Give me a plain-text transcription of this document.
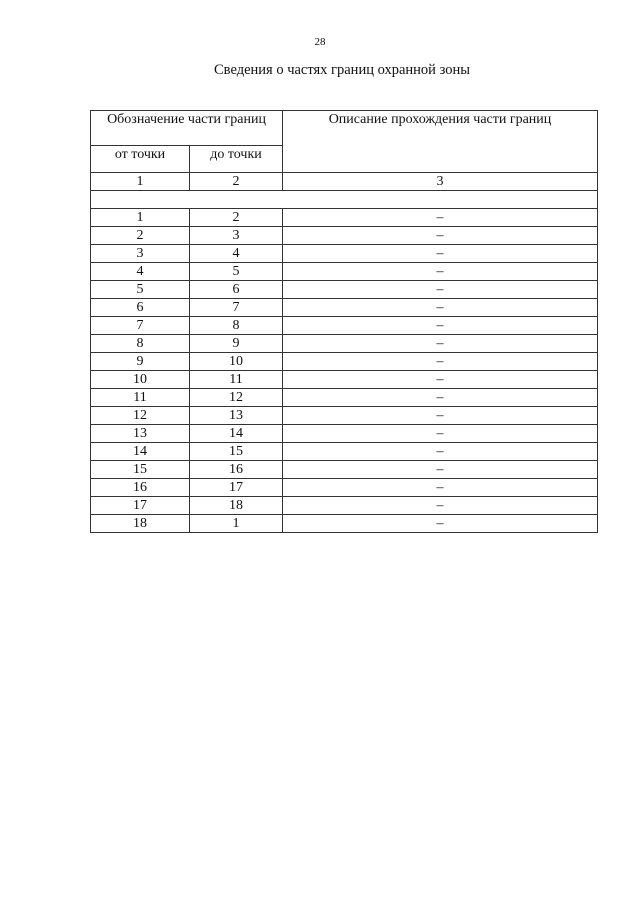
28
Сведения о частях границ охранной зоны
Обозначение части границ		Описание прохождения части границ
от точки	до точки	
1	2	3

1	2	–
2	3	–
3	4	–
4	5	–
5	6	–
6	7	–
7	8	–
8	9	–
9	10	–
10	11	–
11	12	–
12	13	–
13	14	–
14	15	–
15	16	–
16	17	–
17	18	–
18	1	–
